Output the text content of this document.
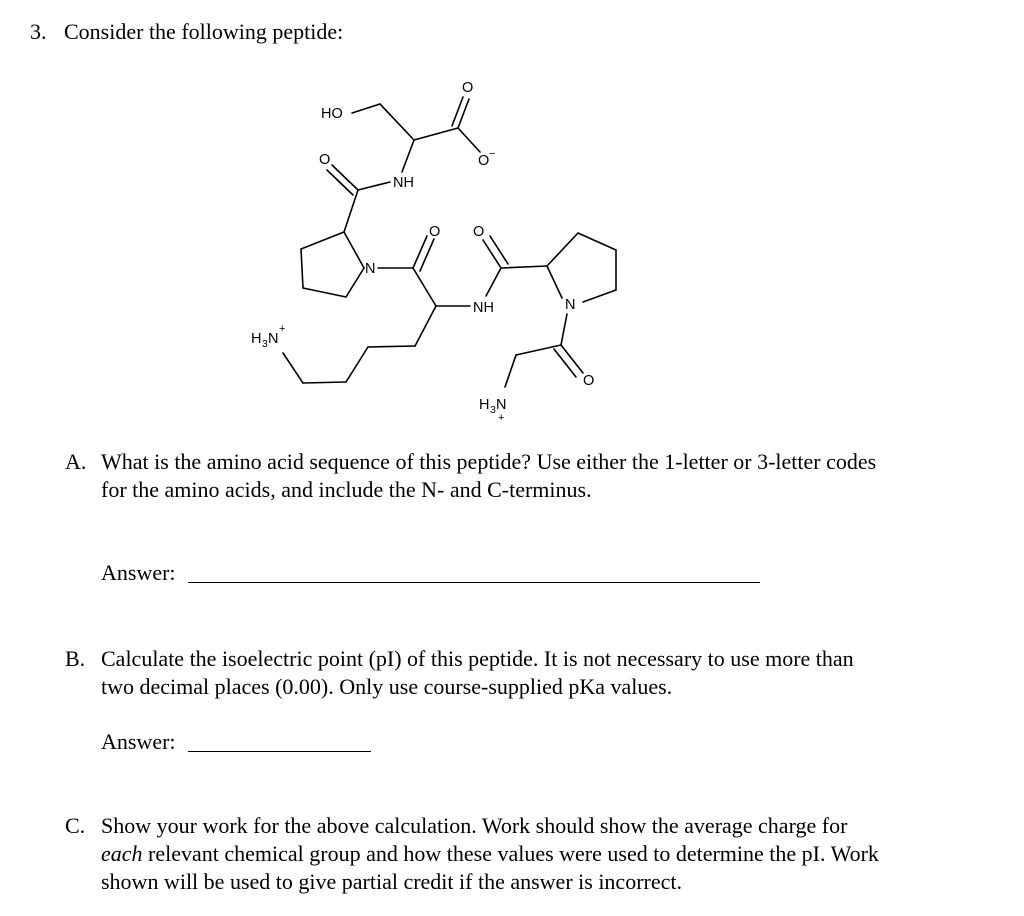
3. Consider the following peptide:
HO
O
O −
O
NH
N
O O
NH	N
O
H 3 N
+
H 3 N
+
A. What is the amino acid sequence of this peptide? Use either the 1-letter or 3-letter codes
for the amino acids, and include the N- and C-terminus.
Answer:
B. Calculate the isoelectric point (pI) of this peptide. It is not necessary to use more than
two decimal places (0.00). Only use course-supplied pKa values.
Answer:
C. Show your work for the above calculation. Work should show the average charge for
each relevant chemical group and how these values were used to determine the pI. Work
shown will be used to give partial credit if the answer is incorrect.
